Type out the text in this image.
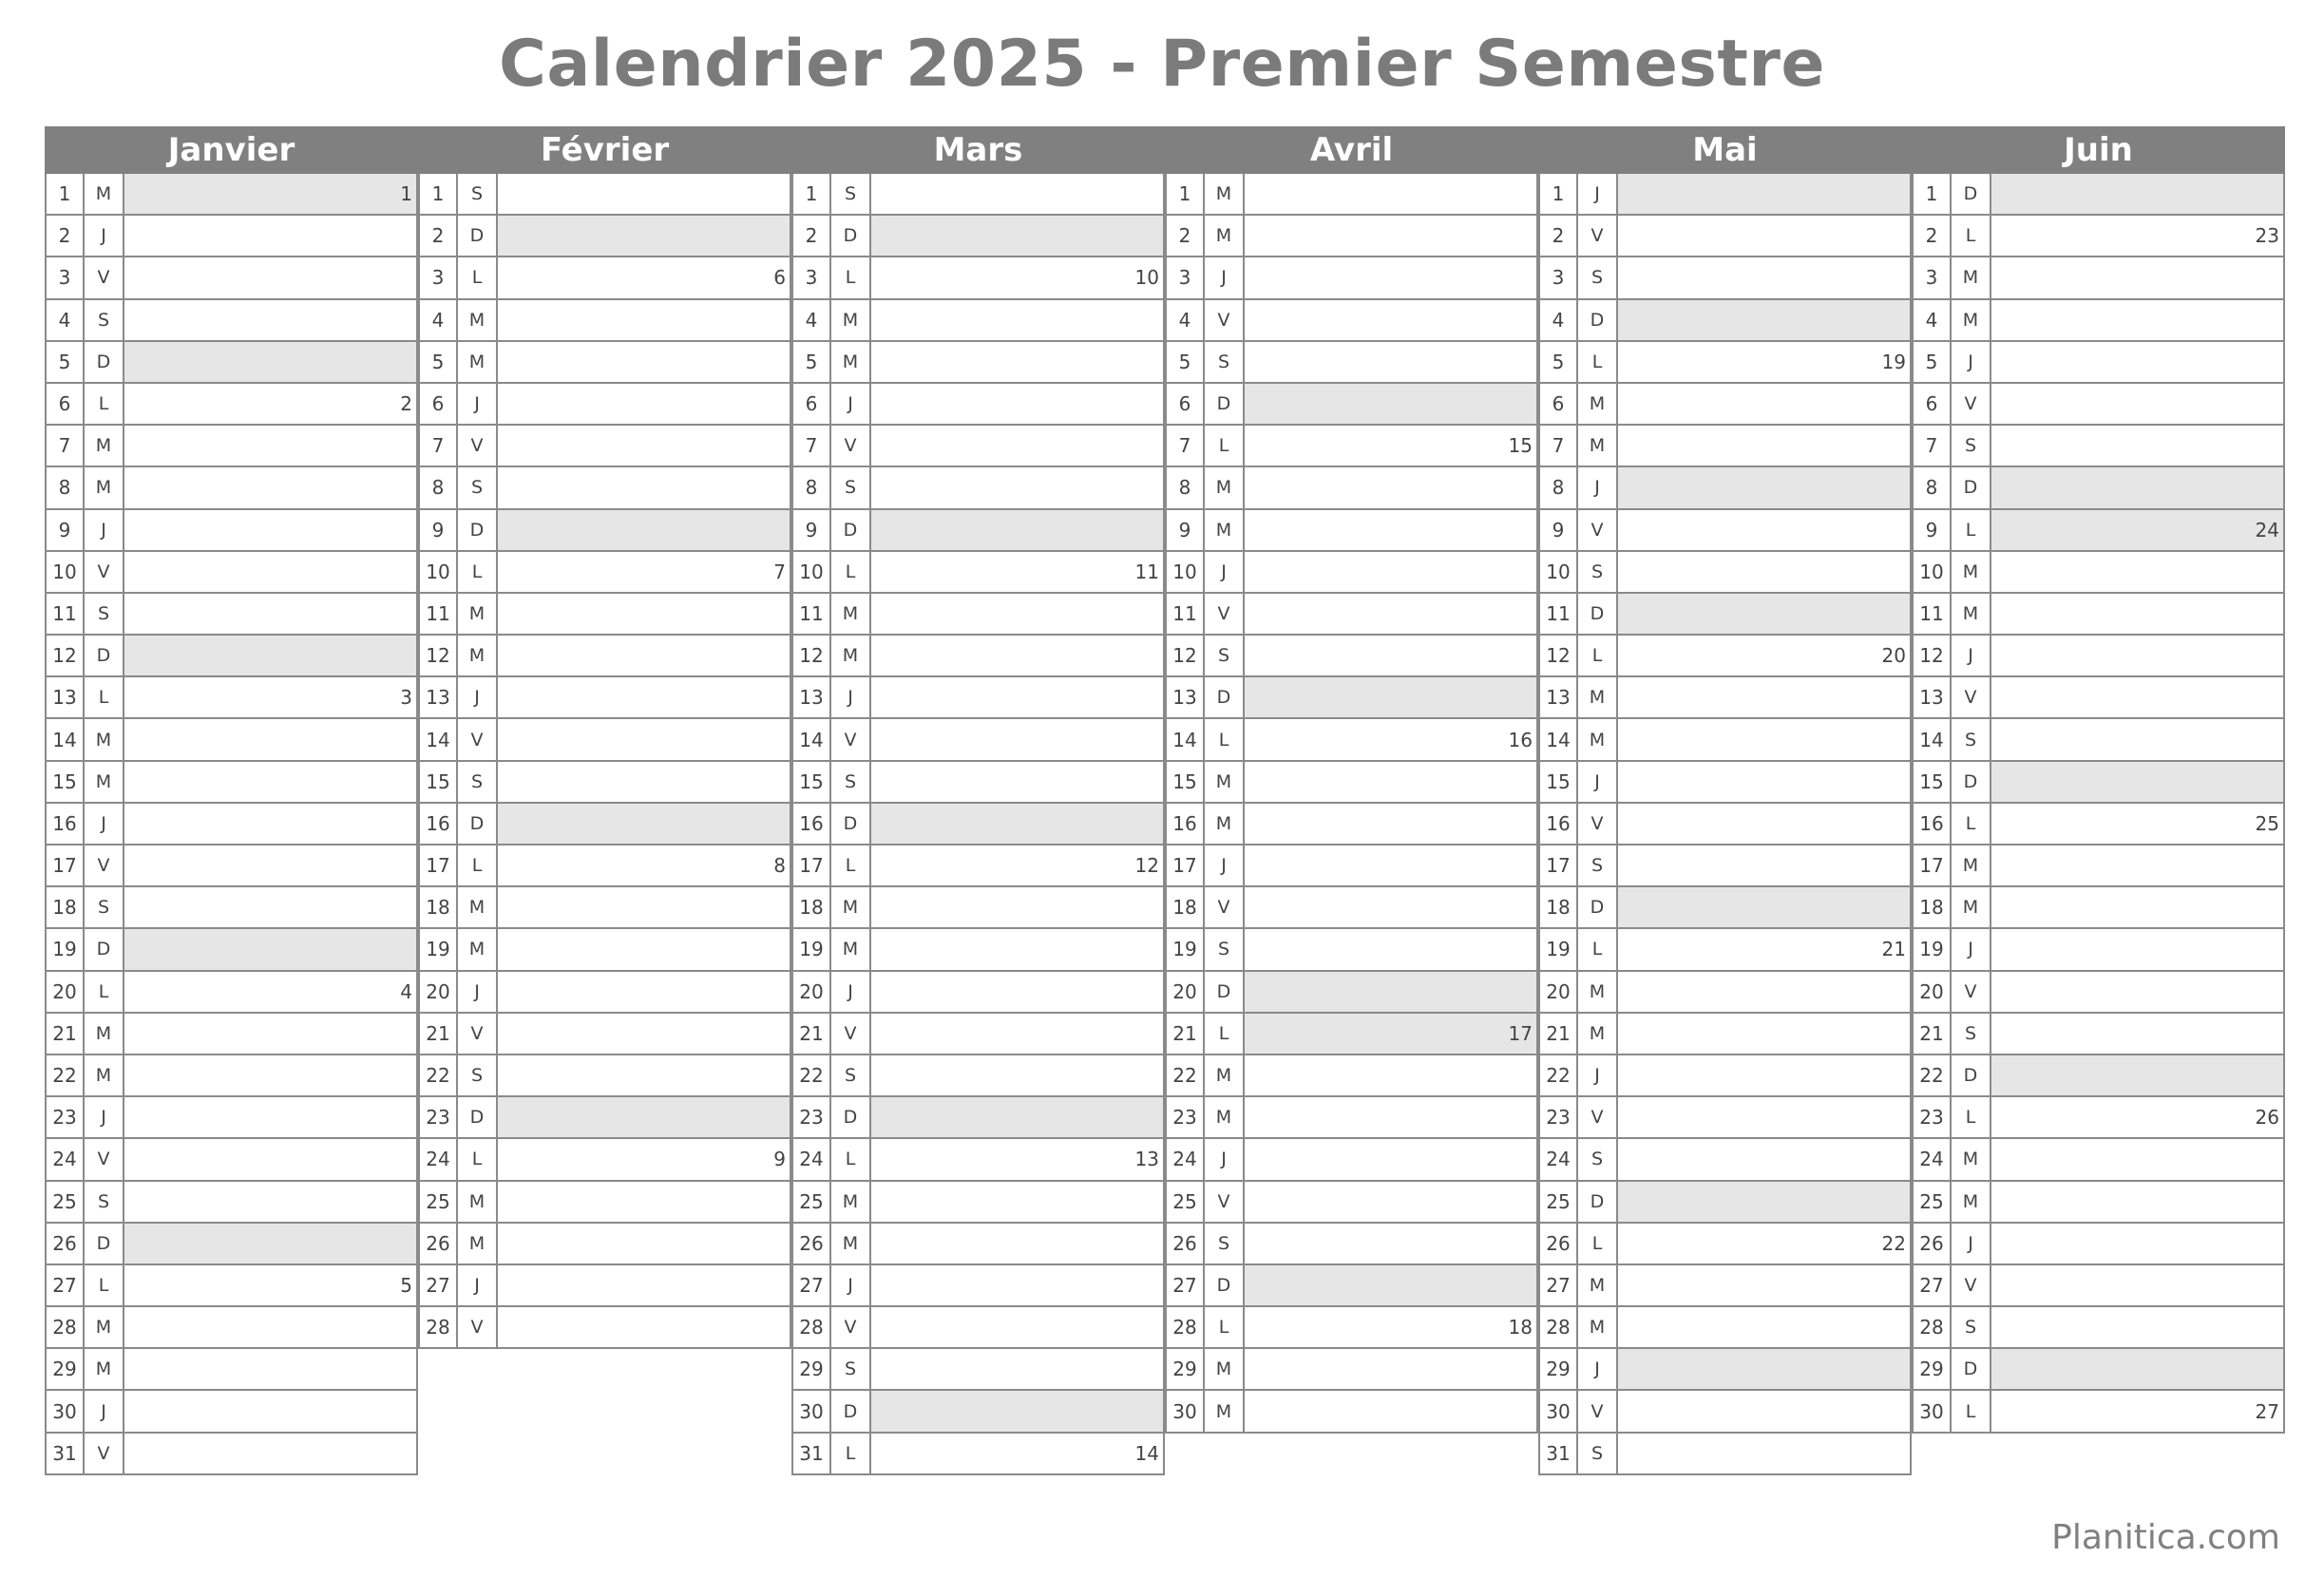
Calendrier 2025 - Premier Semestre
Janvier
1	M	1
2	J
3	V
4	S
5	D
6	L	2
7	M
8	M
9	J
10	V
11	S
12	D
13	L	3
14	M
15	M
16	J
17	V
18	S
19	D
20	L	4
21	M
22	M
23	J
24	V
25	S
26	D
27	L	5
28	M
29	M
30	J
31	V
Février
1	S
2	D
3	L	6
4	M
5	M
6	J
7	V
8	S
9	D
10	L	7
11	M
12	M
13	J
14	V
15	S
16	D
17	L	8
18	M
19	M
20	J
21	V
22	S
23	D
24	L	9
25	M
26	M
27	J
28	V
Mars
1	S
2	D
3	L	10
4	M
5	M
6	J
7	V
8	S
9	D
10	L	11
11	M
12	M
13	J
14	V
15	S
16	D
17	L	12
18	M
19	M
20	J
21	V
22	S
23	D
24	L	13
25	M
26	M
27	J
28	V
29	S
30	D
31	L	14
Avril
1	M
2	M
3	J
4	V
5	S
6	D
7	L	15
8	M
9	M
10	J
11	V
12	S
13	D
14	L	16
15	M
16	M
17	J
18	V
19	S
20	D
21	L	17
22	M
23	M
24	J
25	V
26	S
27	D
28	L	18
29	M
30	M
Mai
1	J
2	V
3	S
4	D
5	L	19
6	M
7	M
8	J
9	V
10	S
11	D
12	L	20
13	M
14	M
15	J
16	V
17	S
18	D
19	L	21
20	M
21	M
22	J
23	V
24	S
25	D
26	L	22
27	M
28	M
29	J
30	V
31	S
Juin
1	D
2	L	23
3	M
4	M
5	J
6	V
7	S
8	D
9	L	24
10	M
11	M
12	J
13	V
14	S
15	D
16	L	25
17	M
18	M
19	J
20	V
21	S
22	D
23	L	26
24	M
25	M
26	J
27	V
28	S
29	D
30	L	27
Planitica.com
